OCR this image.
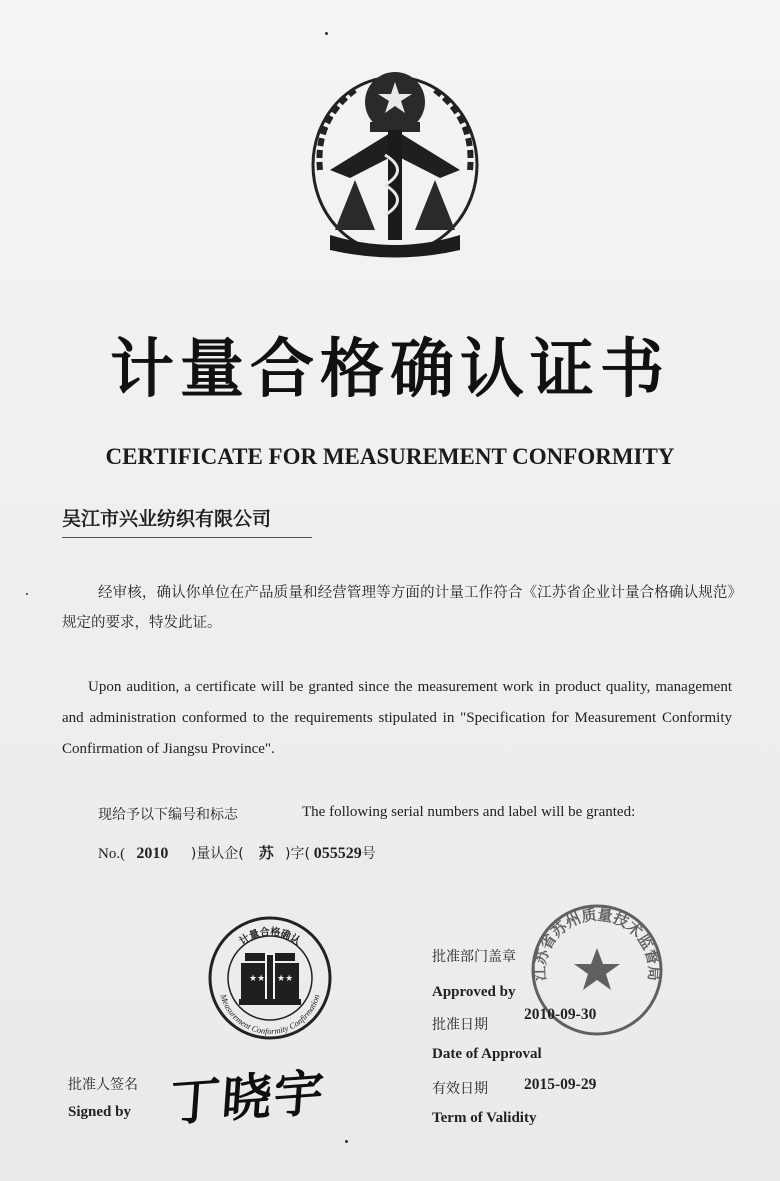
计量合格确认证书
CERTIFICATE FOR MEASUREMENT CONFORMITY
吴江市兴业纺织有限公司
经审核，确认你单位在产品质量和经营管理等方面的计量工作符合《江苏省企业计量合格确认规范》规定的要求，特发此证。
Upon audition, a certificate will be granted since the measurement work in product quality, management and administration conformed to the requirements stipulated in "Specification for Measurement Conformity Confirmation of Jiangsu Province".
现给予以下编号和标志	The following serial numbers and label will be granted:
No.( 2010 )量认企( 苏 )字( 055529号
计量合格确认
Measurement Conformity Confirmation
★★ ★★	江苏省苏州质量技术监督局
批准人签名
Signed by 丁晓宇
批准部门盖章
Approved by
批准日期
2010-09-30
Date of Approval
有效日期 2015-09-29
Term of Validity
